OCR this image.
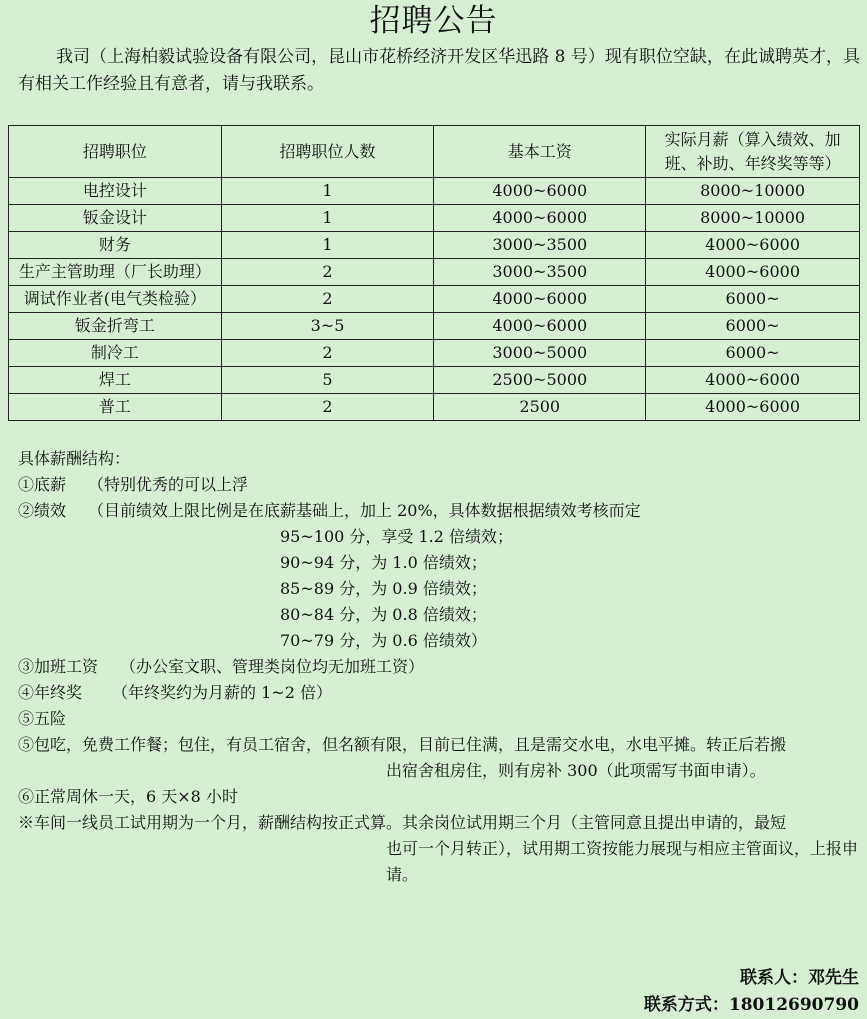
招聘公告
我司（上海柏毅试验设备有限公司，昆山市花桥经济开发区华迅路 8 号）现有职位空缺，在此诚聘英才，具有相关工作经验且有意者，请与我联系。
招聘职位	招聘职位人数	基本工资	实际月薪（算入绩效、加班、补助、年终奖等等）
电控设计	1	4000~6000	8000~10000
钣金设计	1	4000~6000	8000~10000
财务	1	3000~3500	4000~6000
生产主管助理（厂长助理）	2	3000~3500	4000~6000
调试作业者(电气类检验）	2	4000~6000	6000~
钣金折弯工	3~5	4000~6000	6000~
制冷工	2	3000~5000	6000~
焊工	5	2500~5000	4000~6000
普工	2	2500	4000~6000
具体薪酬结构：
①底薪 （特别优秀的可以上浮
②绩效 （目前绩效上限比例是在底薪基础上，加上 20%，具体数据根据绩效考核而定
95~100 分，享受 1.2 倍绩效；
90~94 分，为 1.0 倍绩效；
85~89 分，为 0.9 倍绩效；
80~84 分，为 0.8 倍绩效；
70~79 分，为 0.6 倍绩效）
③加班工资 （办公室文职、管理类岗位均无加班工资）
④年终奖 （年终奖约为月薪的 1~2 倍）
⑤五险
⑤包吃，免费工作餐；包住，有员工宿舍，但名额有限，目前已住满，且是需交水电，水电平摊。转正后若搬
出宿舍租房住，则有房补 300（此项需写书面申请）。
⑥正常周休一天，6 天×8 小时
※车间一线员工试用期为一个月，薪酬结构按正式算。其余岗位试用期三个月（主管同意且提出申请的，最短
也可一个月转正），试用期工资按能力展现与相应主管面议，上报申请。
联系人：邓先生
联系方式：18012690790
